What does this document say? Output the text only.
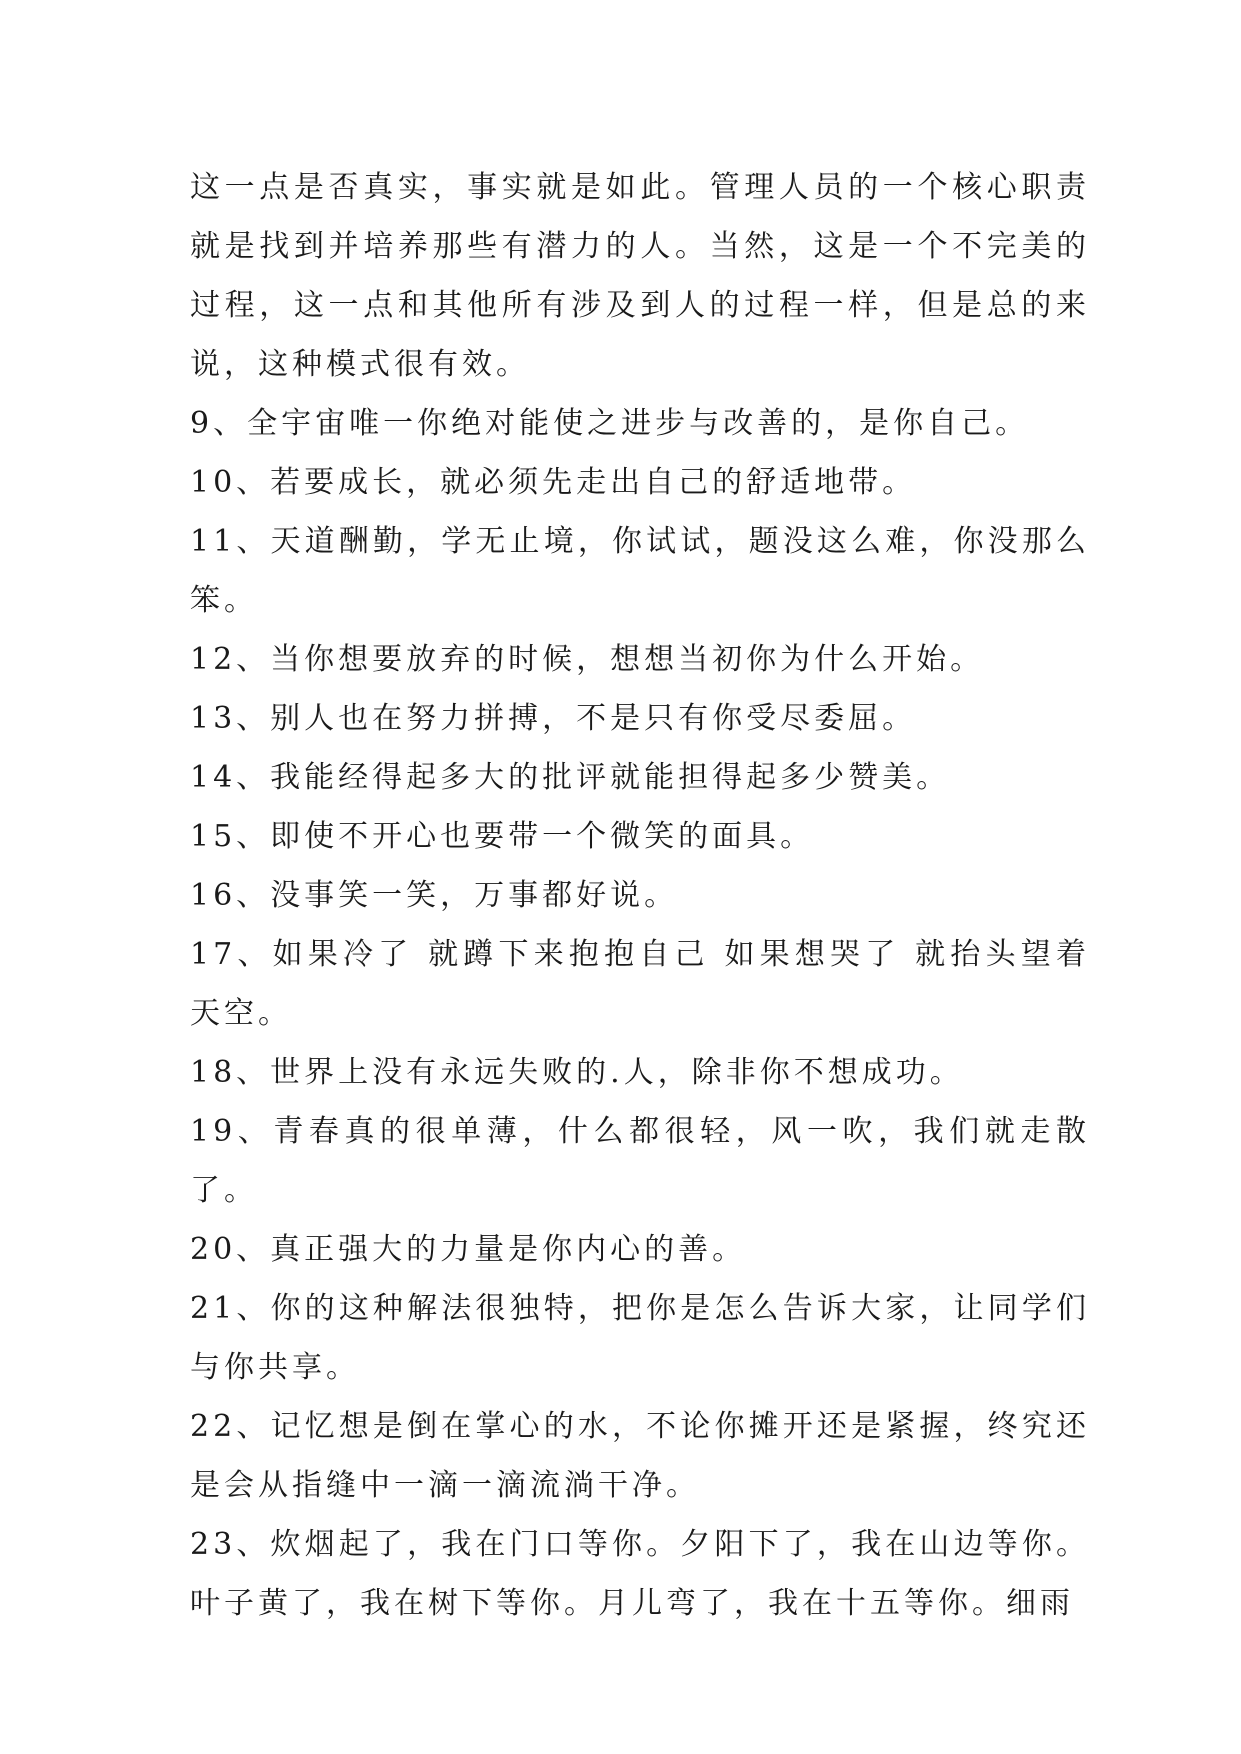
这一点是否真实，事实就是如此。管理人员的一个核心职责就是找到并培养那些有潜力的人。当然，这是一个不完美的过程，这一点和其他所有涉及到人的过程一样，但是总的来说，这种模式很有效。

9、全宇宙唯一你绝对能使之进步与改善的，是你自己。

10、若要成长，就必须先走出自己的舒适地带。

11、天道酬勤，学无止境，你试试，题没这么难，你没那么笨。

12、当你想要放弃的时候，想想当初你为什么开始。

13、别人也在努力拼搏，不是只有你受尽委屈。

14、我能经得起多大的批评就能担得起多少赞美。

15、即使不开心也要带一个微笑的面具。

16、没事笑一笑，万事都好说。

17、如果冷了 就蹲下来抱抱自己 如果想哭了 就抬头望着天空。

18、世界上没有永远失败的.人，除非你不想成功。

19、青春真的很单薄，什么都很轻，风一吹，我们就走散了。

20、真正强大的力量是你内心的善。

21、你的这种解法很独特，把你是怎么告诉大家，让同学们与你共享。

22、记忆想是倒在掌心的水，不论你摊开还是紧握，终究还是会从指缝中一滴一滴流淌干净。

23、炊烟起了，我在门口等你。夕阳下了，我在山边等你。叶子黄了，我在树下等你。月儿弯了，我在十五等你。细雨
